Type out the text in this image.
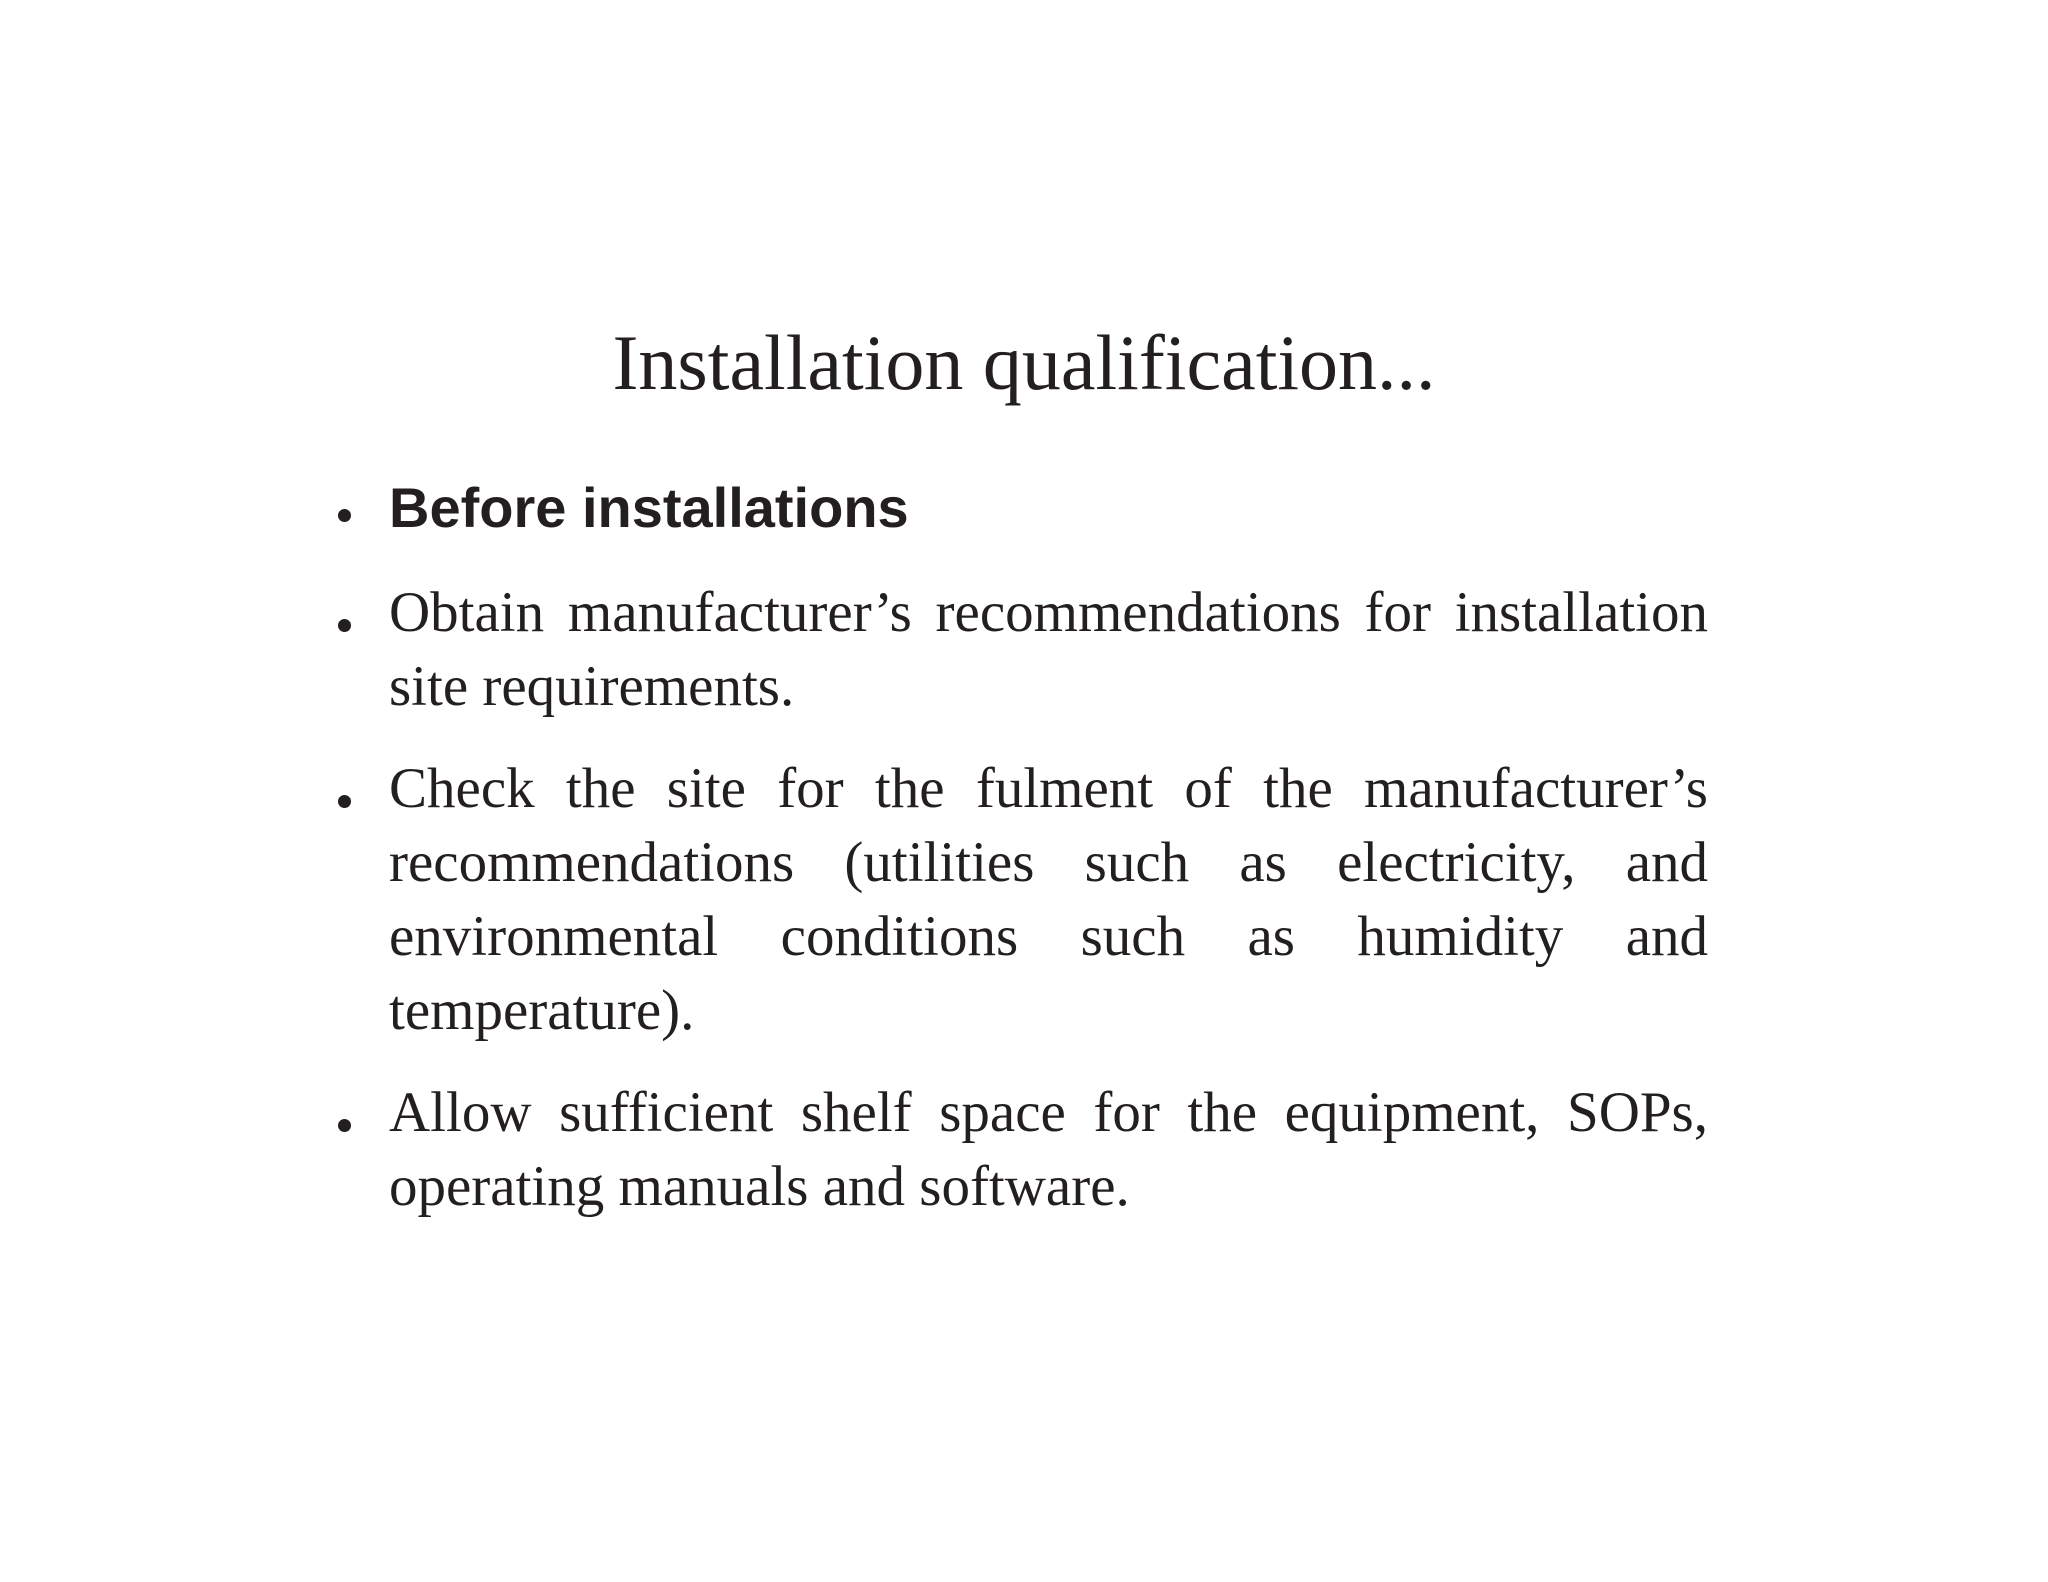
Installation qualification...
Before installations
Obtain manufacturer’s recommendations for installation site requirements.
Check the site for the fulment of the manufacturer’s recommendations (utilities such as electricity, and environmental conditions such as humidity and temperature).
Allow sufficient shelf space for the equipment, SOPs, operating manuals and software.
